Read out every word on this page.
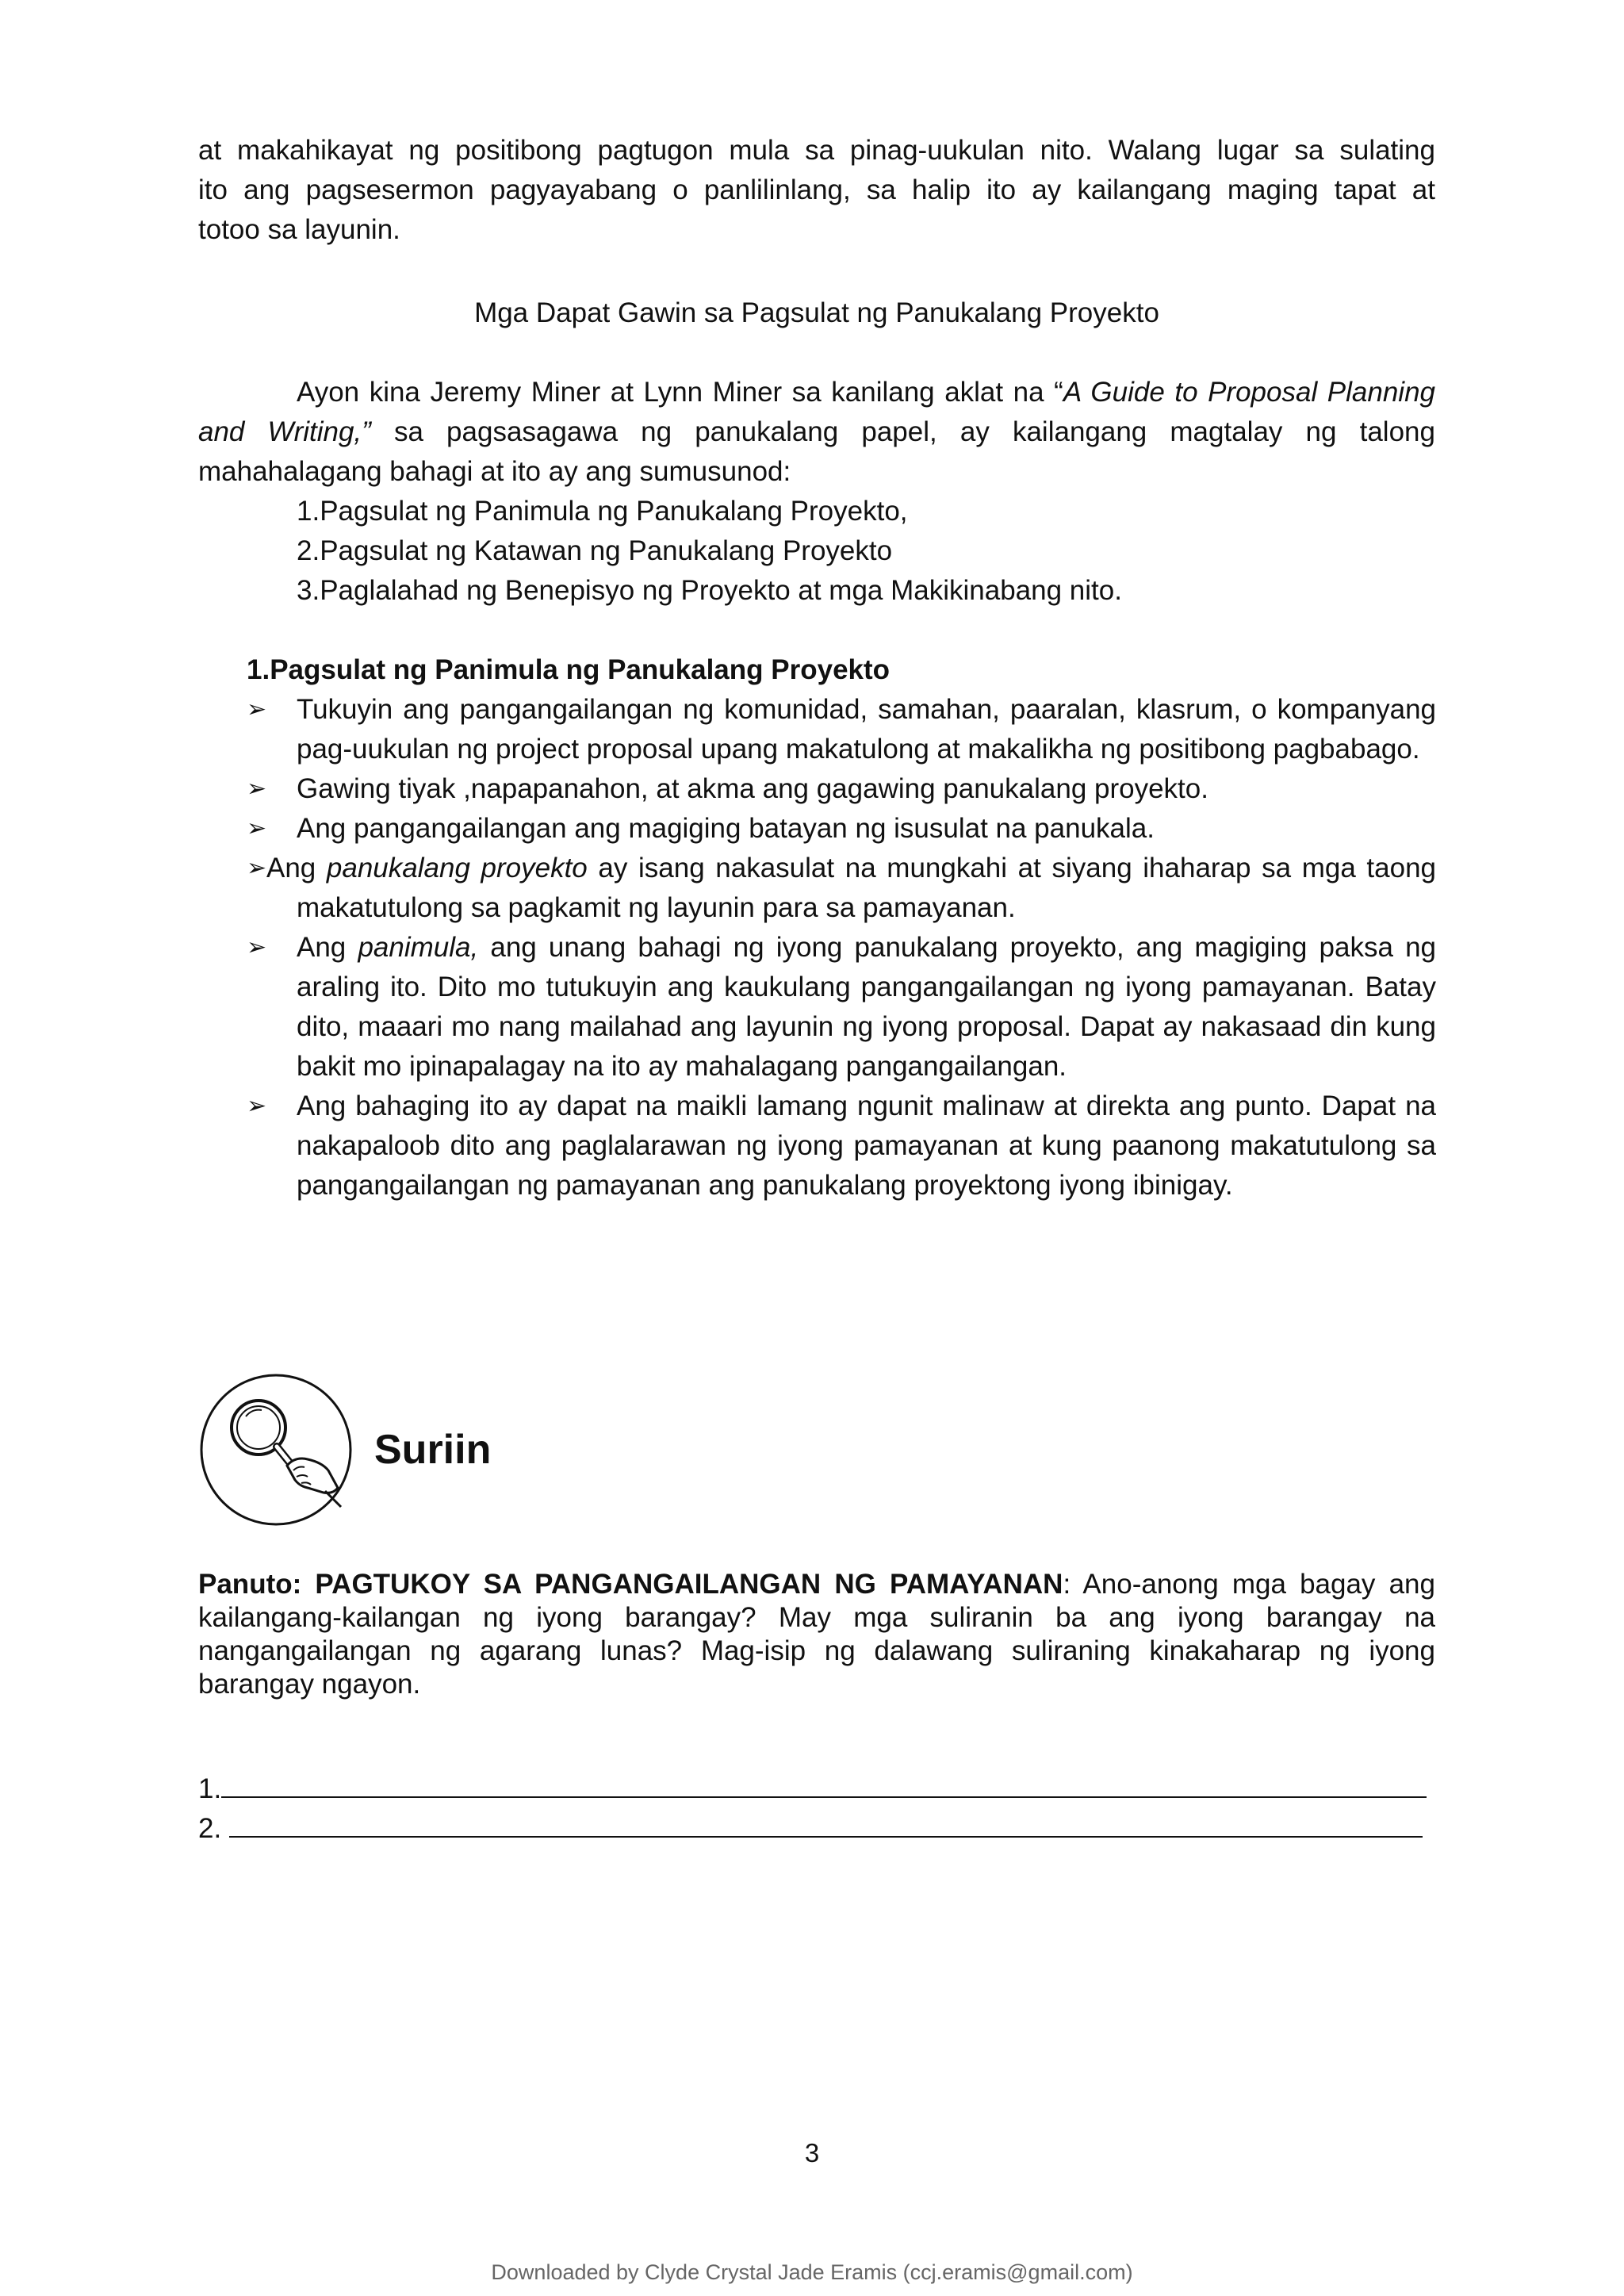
at makahikayat ng positibong pagtugon mula sa pinag-uukulan nito. Walang lugar sa sulating
ito ang pagsesermon pagyayabang o panlilinlang, sa halip ito ay kailangang maging tapat at
totoo sa layunin.
Mga Dapat Gawin sa Pagsulat ng Panukalang Proyekto
Ayon kina Jeremy Miner at Lynn Miner sa kanilang aklat na “A Guide to Proposal Planning and Writing,” sa pagsasagawa ng panukalang papel, ay kailangang magtalay ng talong mahahalagang bahagi at ito ay ang sumusunod:
1.Pagsulat ng Panimula ng Panukalang Proyekto,
2.Pagsulat ng Katawan ng Panukalang Proyekto
3.Paglalahad ng Benepisyo ng Proyekto at mga Makikinabang nito.
1.Pagsulat ng Panimula ng Panukalang Proyekto
➢	Tukuyin ang pangangailangan ng komunidad, samahan, paaralan, klasrum, o kompanyang pag-uukulan ng project proposal upang makatulong at makalikha ng positibong pagbabago.
➢	Gawing tiyak ,napapanahon, at akma ang gagawing panukalang proyekto.
➢	Ang pangangailangan ang magiging batayan ng isusulat na panukala.
➢ Ang panukalang proyekto ay isang nakasulat na mungkahi at siyang ihaharap sa mga taong makatutulong sa pagkamit ng layunin para sa pamayanan.
➢	Ang panimula, ang unang bahagi ng iyong panukalang proyekto, ang magiging paksa ng araling ito. Dito mo tutukuyin ang kaukulang pangangailangan ng iyong pamayanan. Batay dito, maaari mo nang mailahad ang layunin ng iyong proposal. Dapat ay nakasaad din kung bakit mo ipinapalagay na ito ay mahalagang pangangailangan.
➢	Ang bahaging ito ay dapat na maikli lamang ngunit malinaw at direkta ang punto. Dapat na nakapaloob dito ang paglalarawan ng iyong pamayanan at kung paanong makatutulong sa pangangailangan ng pamayanan ang panukalang proyektong iyong ibinigay.
Suriin
Panuto: PAGTUKOY SA PANGANGAILANGAN NG PAMAYANAN: Ano-anong mga bagay ang kailangang-kailangan ng iyong barangay? May mga suliranin ba ang iyong barangay na nangangailangan ng agarang lunas? Mag-isip ng dalawang suliraning kinakaharap ng iyong barangay ngayon.
1.
2.
3
Downloaded by Clyde Crystal Jade Eramis (ccj.eramis@gmail.com)
